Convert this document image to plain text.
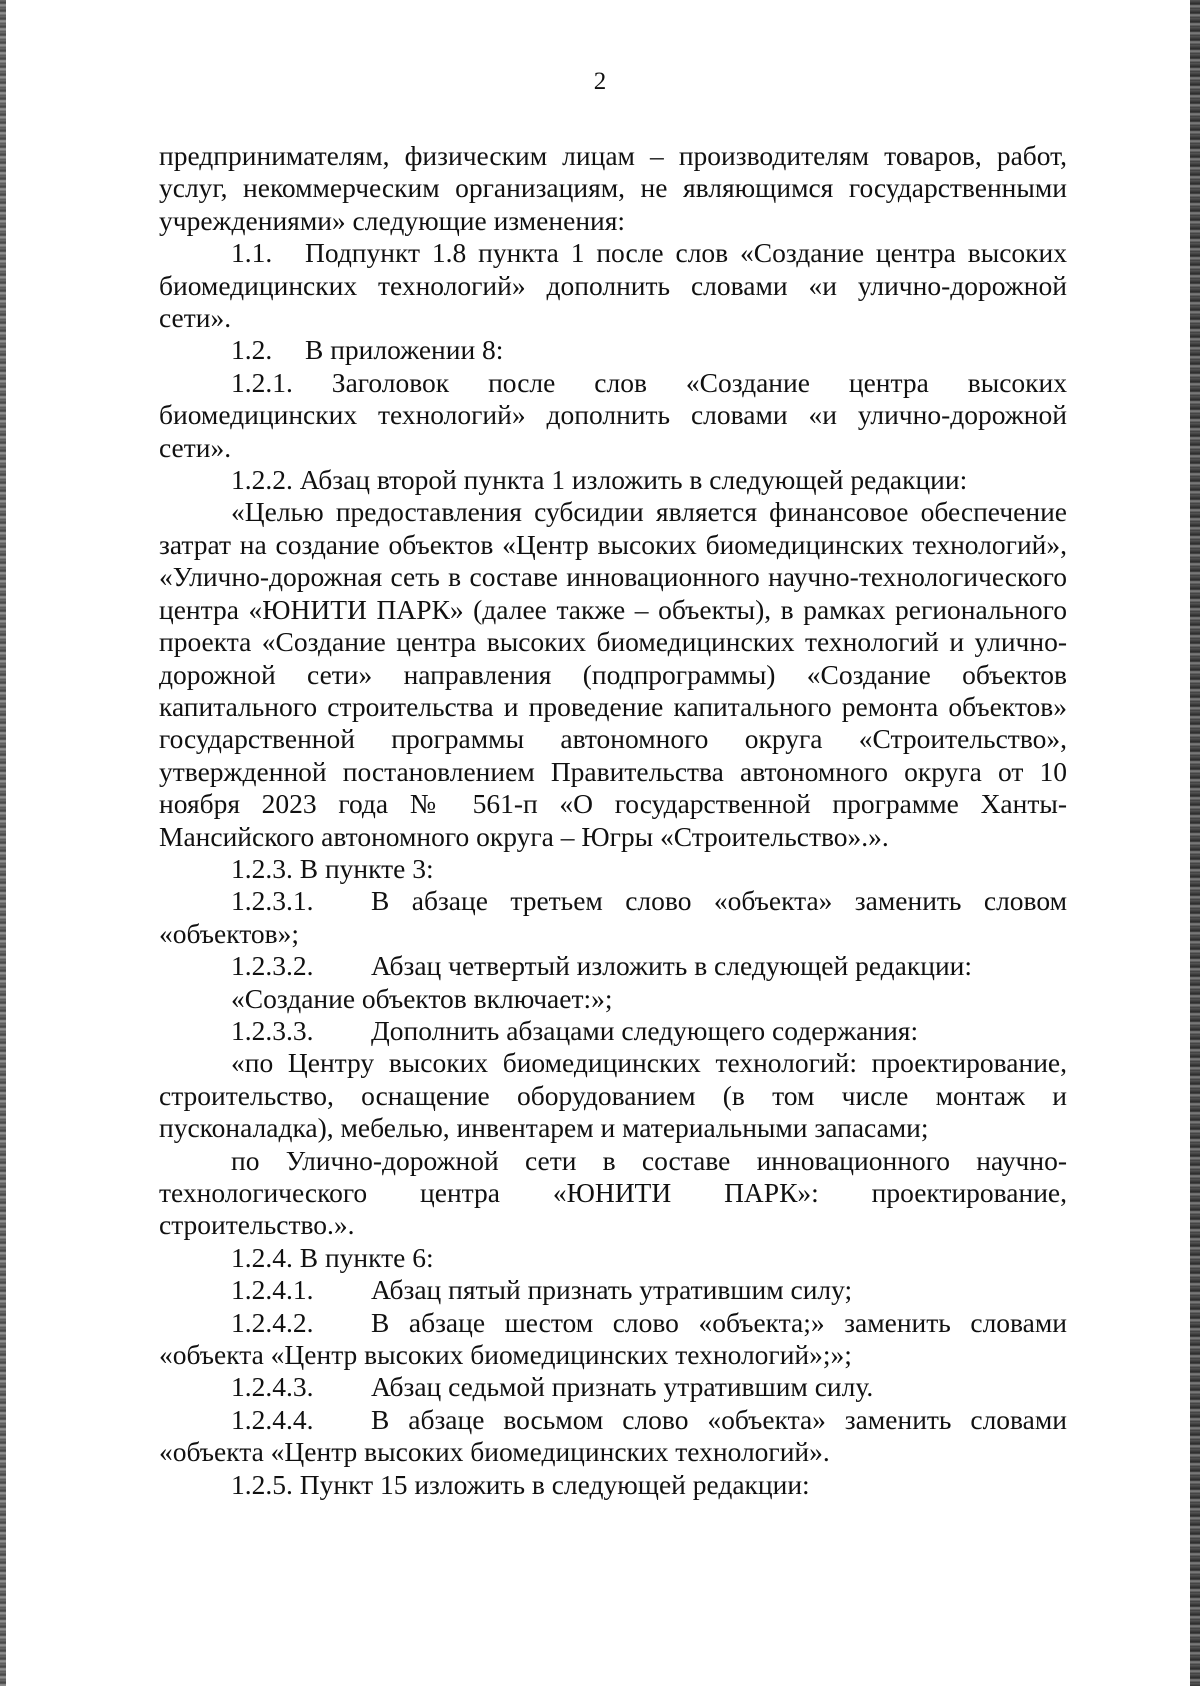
2

предпринимателям, физическим лицам – производителям товаров, работ, услуг, некоммерческим организациям, не являющимся государственными учреждениями» следующие изменения:

1.1. Подпункт 1.8 пункта 1 после слов «Создание центра высоких биомедицинских технологий» дополнить словами «и улично-дорожной сети».

1.2. В приложении 8:

1.2.1. Заголовок после слов «Создание центра высоких биомедицинских технологий» дополнить словами «и улично-дорожной сети».

1.2.2. Абзац второй пункта 1 изложить в следующей редакции:

«Целью предоставления субсидии является финансовое обеспечение затрат на создание объектов «Центр высоких биомедицинских технологий», «Улично-дорожная сеть в составе инновационного научно-технологического центра «ЮНИТИ ПАРК» (далее также – объекты), в рамках регионального проекта «Создание центра высоких биомедицинских технологий и улично-дорожной сети» направления (подпрограммы) «Создание объектов капитального строительства и проведение капитального ремонта объектов» государственной программы автономного округа «Строительство», утвержденной постановлением Правительства автономного округа от 10 ноября 2023 года № 561-п «О государственной программе Ханты-Мансийского автономного округа – Югры «Строительство».».

1.2.3. В пункте 3:

1.2.3.1. В абзаце третьем слово «объекта» заменить словом «объектов»;

1.2.3.2. Абзац четвертый изложить в следующей редакции:

«Создание объектов включает:»;

1.2.3.3. Дополнить абзацами следующего содержания:

«по Центру высоких биомедицинских технологий: проектирование, строительство, оснащение оборудованием (в том числе монтаж и пусконаладка), мебелью, инвентарем и материальными запасами;

по Улично-дорожной сети в составе инновационного научно-технологического центра «ЮНИТИ ПАРК»: проектирование, строительство.».

1.2.4. В пункте 6:

1.2.4.1. Абзац пятый признать утратившим силу;

1.2.4.2. В абзаце шестом слово «объекта;» заменить словами «объекта «Центр высоких биомедицинских технологий»;»;

1.2.4.3. Абзац седьмой признать утратившим силу.

1.2.4.4. В абзаце восьмом слово «объекта» заменить словами «объекта «Центр высоких биомедицинских технологий».

1.2.5. Пункт 15 изложить в следующей редакции:
